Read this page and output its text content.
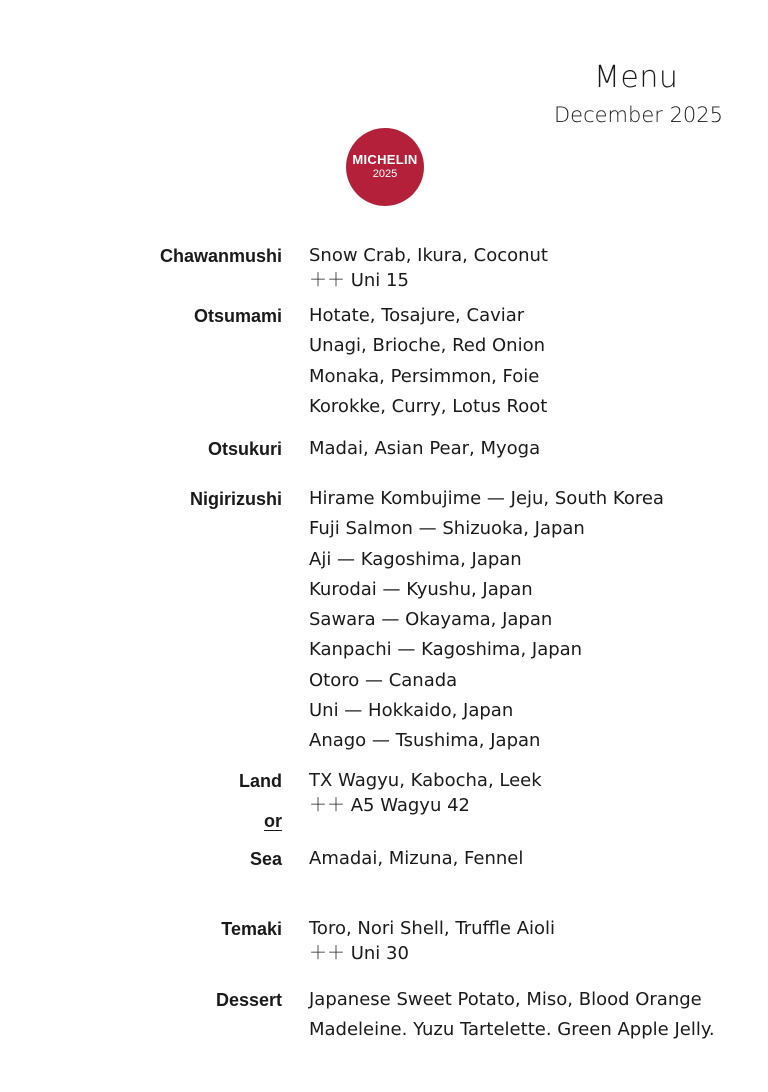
Menu
December 2025
MICHELIN
2025
Chawanmushi Snow Crab, Ikura, Coconut
＋＋ Uni 15
Otsumami Hotate, Tosajure, Caviar
Unagi, Brioche, Red Onion
Monaka, Persimmon, Foie
Korokke, Curry, Lotus Root
Otsukuri Madai, Asian Pear, Myoga
Nigirizushi Hirame Kombujime — Jeju, South Korea
Fuji Salmon — Shizuoka, Japan
Aji — Kagoshima, Japan
Kurodai — Kyushu, Japan
Sawara — Okayama, Japan
Kanpachi — Kagoshima, Japan
Otoro — Canada
Uni — Hokkaido, Japan
Anago — Tsushima, Japan
Land TX Wagyu, Kabocha, Leek
＋＋ A5 Wagyu 42
or
Sea Amadai, Mizuna, Fennel
Temaki Toro, Nori Shell, Truffle Aioli
＋＋ Uni 30
Dessert Japanese Sweet Potato, Miso, Blood Orange
Madeleine. Yuzu Tartelette. Green Apple Jelly.
